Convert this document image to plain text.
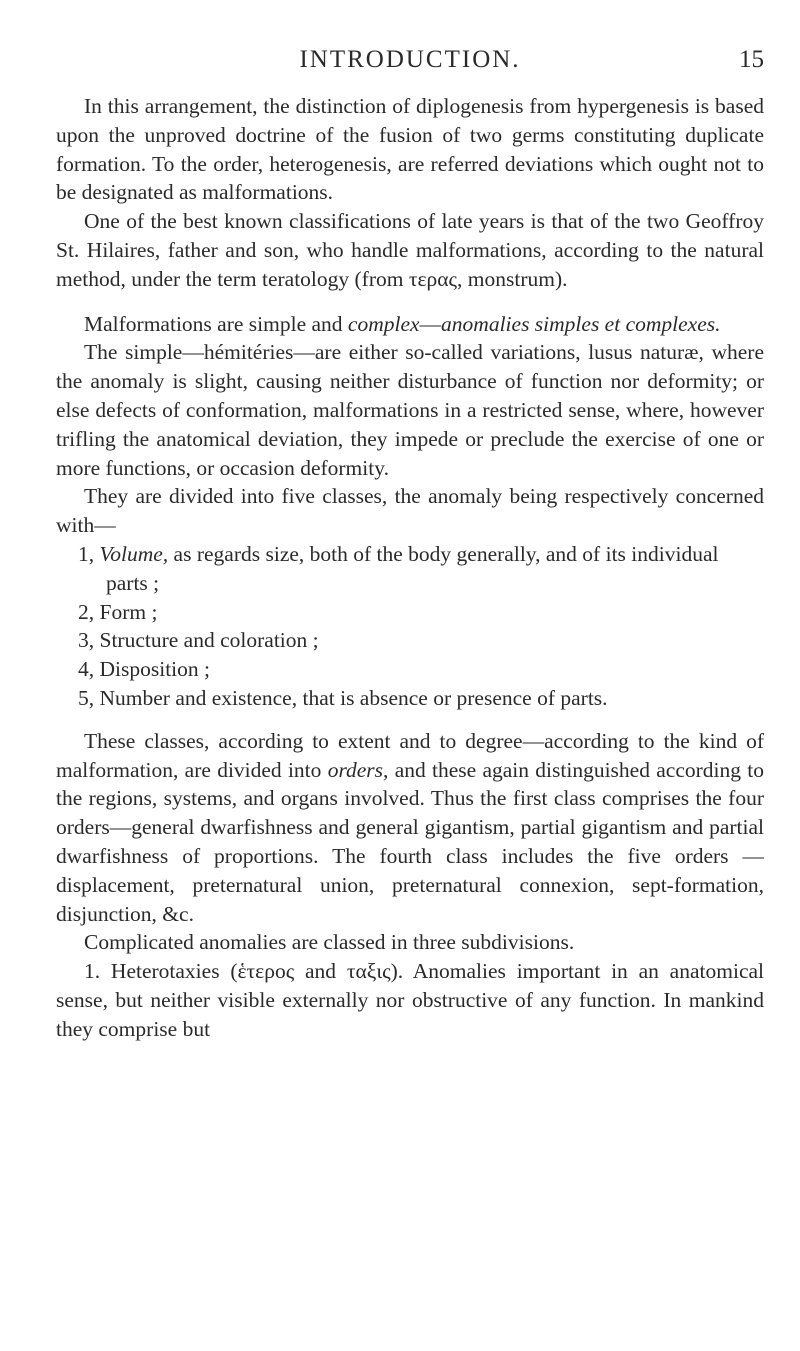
INTRODUCTION.	15

In this arrangement, the distinction of diplogenesis from hypergenesis is based upon the unproved doctrine of the fusion of two germs constituting duplicate formation. To the order, heterogenesis, are referred deviations which ought not to be designated as malformations.

One of the best known classifications of late years is that of the two Geoffroy St. Hilaires, father and son, who handle malformations, according to the natural method, under the term teratology (from τερας, monstrum).

Malformations are simple and complex—anomalies simples et complexes.

The simple—hémitéries—are either so-called variations, lusus naturæ, where the anomaly is slight, causing neither disturbance of function nor deformity; or else defects of conformation, malformations in a restricted sense, where, however trifling the anatomical deviation, they impede or preclude the exercise of one or more functions, or occasion deformity.

They are divided into five classes, the anomaly being respectively concerned with—

1, Volume, as regards size, both of the body generally, and of its individual parts ;
2, Form ;
3, Structure and coloration ;
4, Disposition ;
5, Number and existence, that is absence or presence of parts.

These classes, according to extent and to degree—according to the kind of malformation, are divided into orders, and these again distinguished according to the regions, systems, and organs involved. Thus the first class comprises the four orders—general dwarfishness and general gigantism, partial gigantism and partial dwarfishness of proportions. The fourth class includes the five orders — displacement, preternatural union, preternatural connexion, sept-formation, disjunction, &c.

Complicated anomalies are classed in three subdivisions.

1. Heterotaxies (ἑτερος and ταξις). Anomalies important in an anatomical sense, but neither visible externally nor obstructive of any function. In mankind they comprise but
